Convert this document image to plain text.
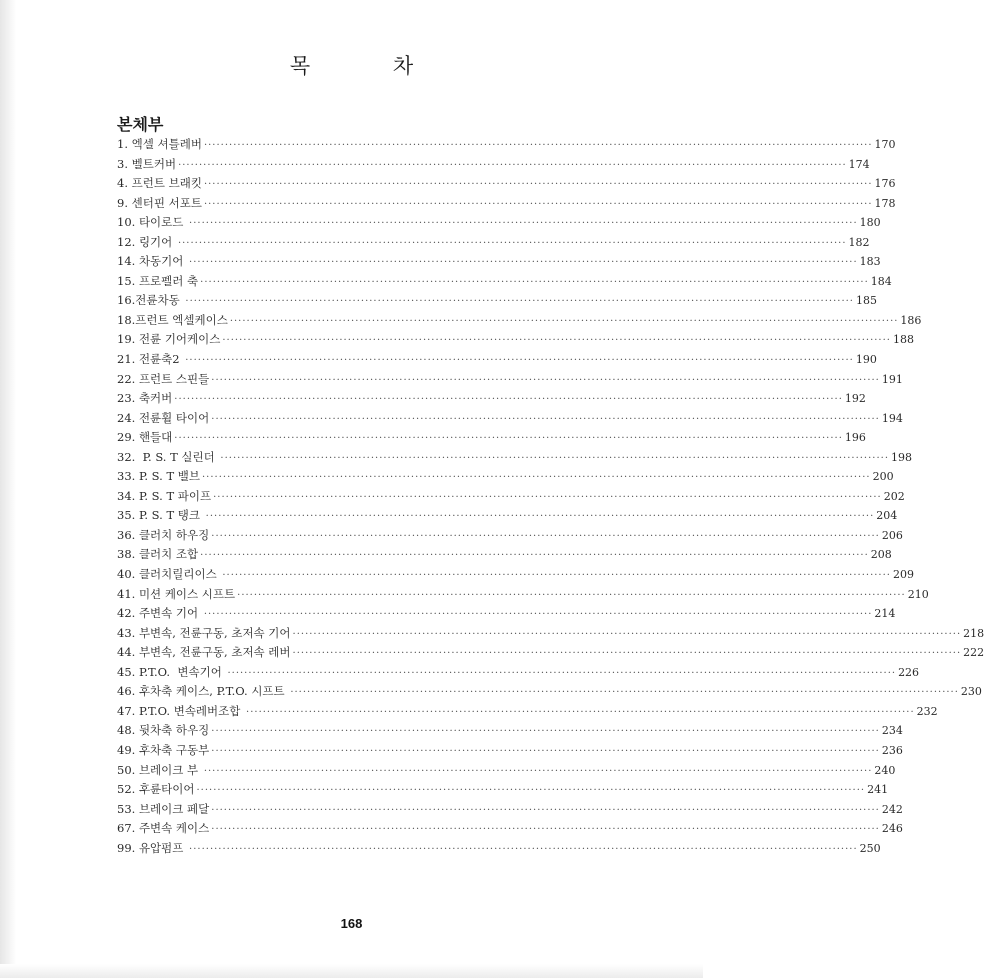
목 차
본체부
1. 엑셀 셔틀레버 ································································································································································ 170
3. 벨트커버 ································································································································································ 174
4. 프런트 브래킷 ································································································································································ 176
9. 센터핀 서포트 ································································································································································ 178
10. 타이로드 ································································································································································ 180
12. 링기어 ································································································································································ 182
14. 차동기어 ································································································································································ 183
15. 프로펠러 축 ································································································································································ 184
16.전륜차동 ································································································································································ 185
18.프런트 엑셀케이스 ································································································································································ 186
19. 전륜 기어케이스 ································································································································································ 188
21. 전륜축2 ································································································································································ 190
22. 프런트 스핀들 ································································································································································ 191
23. 축커버 ································································································································································ 192
24. 전륜휠 타이어 ································································································································································ 194
29. 핸들대 ································································································································································ 196
32.  P. S. T 실린더 ································································································································································ 198
33. P. S. T 밸브 ································································································································································ 200
34. P. S. T 파이프 ································································································································································ 202
35. P. S. T 탱크 ································································································································································ 204
36. 클러치 하우징 ································································································································································ 206
38. 클러치 조합 ································································································································································ 208
40. 클러치릴리이스 ································································································································································ 209
41. 미션 케이스 시프트 ································································································································································ 210
42. 주변속 기어 ································································································································································ 214
43. 부변속, 전륜구동, 초저속 기어 ································································································································································ 218
44. 부변속, 전륜구동, 초저속 레버 ································································································································································ 222
45. P.T.O.  변속기어 ································································································································································ 226
46. 후차축 케이스, P.T.O. 시프트 ································································································································································ 230
47. P.T.O. 변속레버조합 ································································································································································ 232
48. 뒷차축 하우징 ································································································································································ 234
49. 후차축 구동부 ································································································································································ 236
50. 브레이크 부 ································································································································································ 240
52. 후륜타이어 ································································································································································ 241
53. 브레이크 페달 ································································································································································ 242
67. 주변속 케이스 ································································································································································ 246
99. 유압펌프 ································································································································································ 250
168
